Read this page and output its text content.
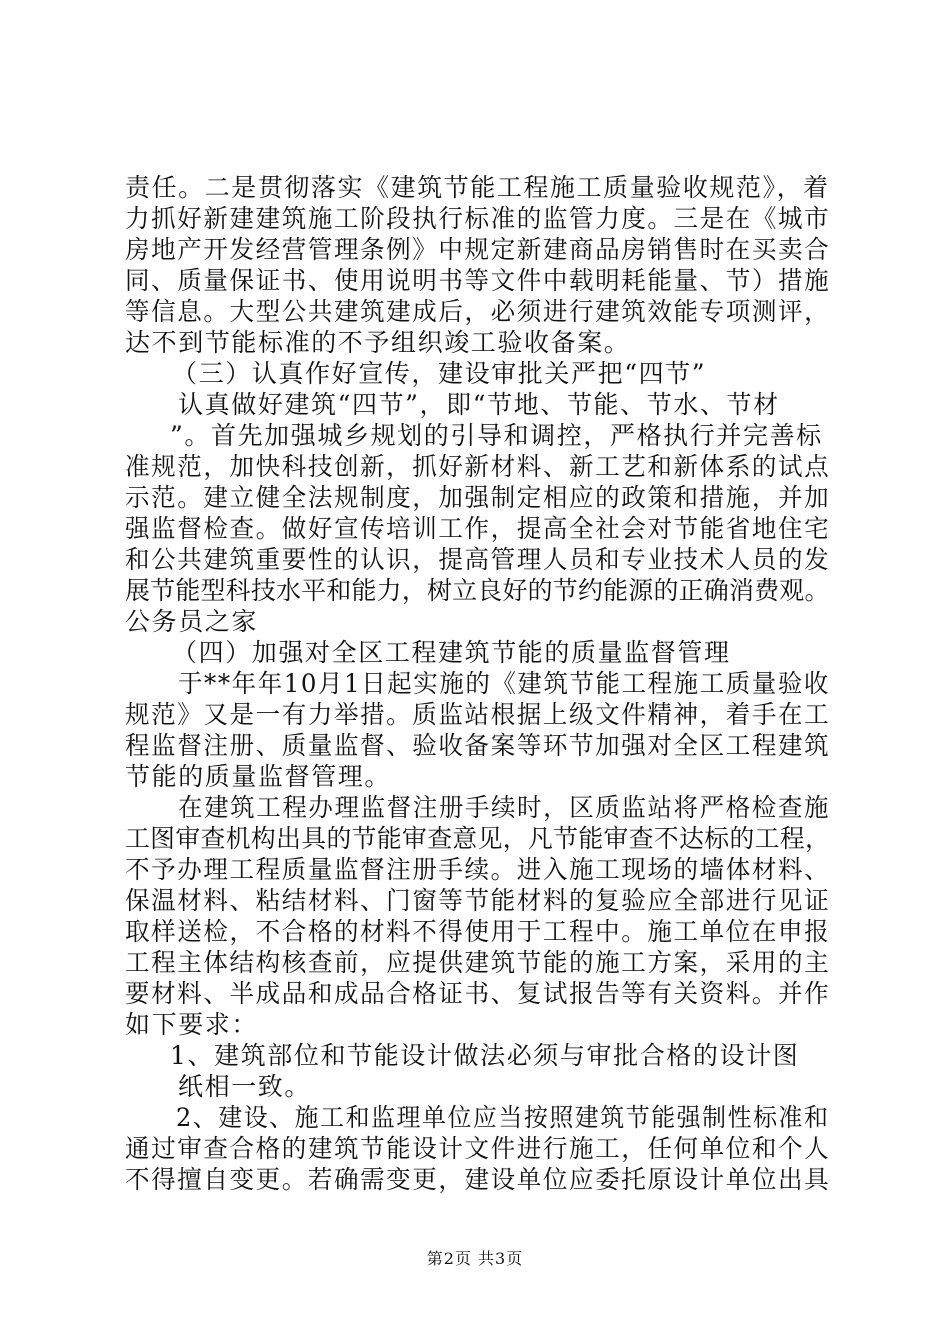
责任。二是贯彻落实《建筑节能工程施工质量验收规范》，着
力抓好新建建筑施工阶段执行标准的监管力度。三是在《城市
房地产开发经营管理条例》中规定新建商品房销售时在买卖合
同、质量保证书、使用说明书等文件中载明耗能量、节）措施
等信息。大型公共建筑建成后，必须进行建筑效能专项测评，
达不到节能标准的不予组织竣工验收备案。
（三）认真作好宣传，建设审批关严把“四节”
认真做好建筑“四节”，即“节地、节能、节水、节材
”。首先加强城乡规划的引导和调控，严格执行并完善标
准规范，加快科技创新，抓好新材料、新工艺和新体系的试点
示范。建立健全法规制度，加强制定相应的政策和措施，并加
强监督检查。做好宣传培训工作，提高全社会对节能省地住宅
和公共建筑重要性的认识，提高管理人员和专业技术人员的发
展节能型科技水平和能力，树立良好的节约能源的正确消费观。
公务员之家
（四）加强对全区工程建筑节能的质量监督管理
于**年年10月1日起实施的《建筑节能工程施工质量验收
规范》又是一有力举措。质监站根据上级文件精神，着手在工
程监督注册、质量监督、验收备案等环节加强对全区工程建筑
节能的质量监督管理。
在建筑工程办理监督注册手续时，区质监站将严格检查施
工图审查机构出具的节能审查意见，凡节能审查不达标的工程，
不予办理工程质量监督注册手续。进入施工现场的墙体材料、
保温材料、粘结材料、门窗等节能材料的复验应全部进行见证
取样送检，不合格的材料不得使用于工程中。施工单位在申报
工程主体结构核查前，应提供建筑节能的施工方案，采用的主
要材料、半成品和成品合格证书、复试报告等有关资料。并作
如下要求：
1、建筑部位和节能设计做法必须与审批合格的设计图
纸相一致。
2、建设、施工和监理单位应当按照建筑节能强制性标准和
通过审查合格的建筑节能设计文件进行施工，任何单位和个人
不得擅自变更。若确需变更，建设单位应委托原设计单位出具
第2页 共3页
